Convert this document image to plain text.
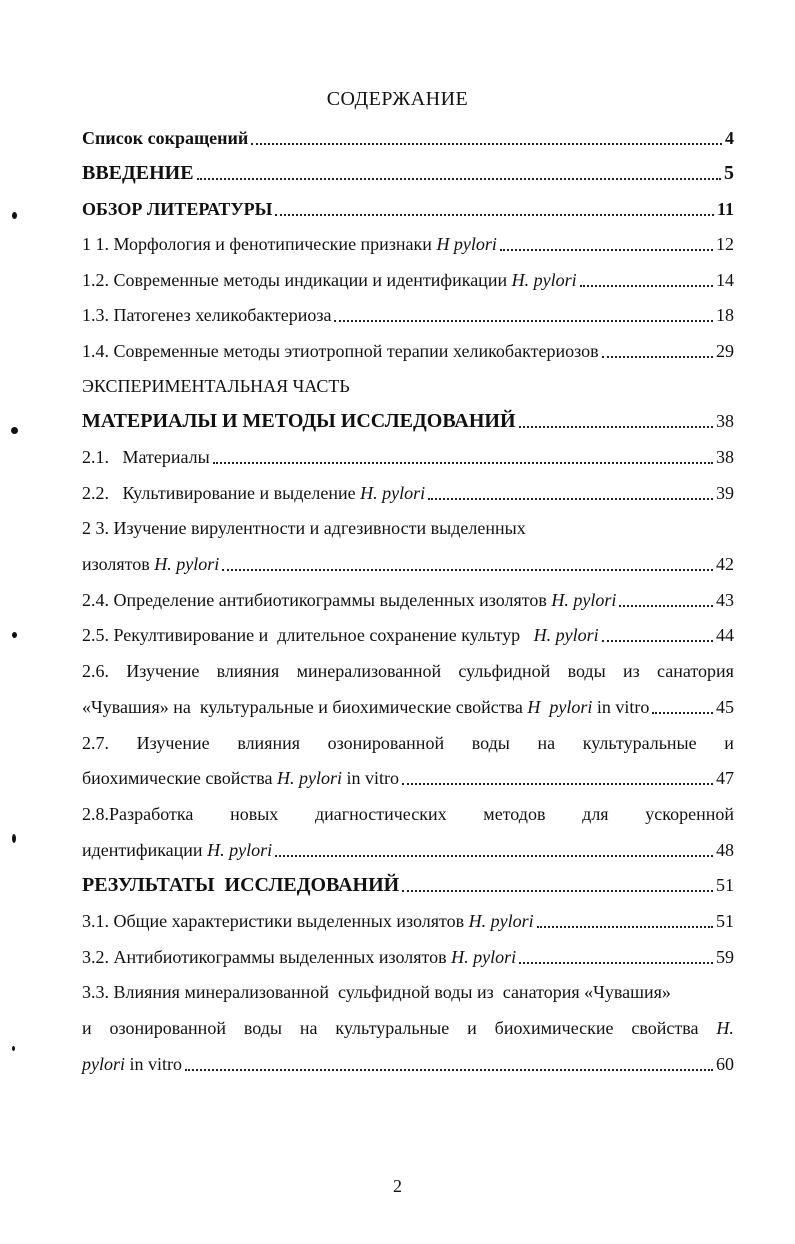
СОДЕРЖАНИЕ
Список сокращений	4
ВВЕДЕНИЕ	5
ОБЗОР ЛИТЕРАТУРЫ	11
1 1. Морфология и фенотипические признаки H pylori	12
1.2. Современные методы индикации и идентификации H. pylori	14
1.3. Патогенез хеликобактериоза	18
1.4. Современные методы этиотропной терапии хеликобактериозов	29
ЭКСПЕРИМЕНТАЛЬНАЯ ЧАСТЬ
МАТЕРИАЛЫ И МЕТОДЫ ИССЛЕДОВАНИЙ	38
2.1.   Материалы	38
2.2.   Культивирование и выделение H. pylori	39
2 3. Изучение вирулентности и адгезивности выделенных
изолятов H. pylori	42
2.4. Определение антибиотикограммы выделенных изолятов H. pylori	43
2.5. Рекултивирование и  длительное сохранение культур   H. pylori	44
2.6. Изучение влияния минерализованной сульфидной воды из санатория
«Чувашия» на  культуральные и биохимические свойства H  pylori in vitro	45
2.7. Изучение влияния озонированной воды на культуральные и
биохимические свойства H. pylori in vitro	47
2.8.Разработка новых диагностических методов для ускоренной
идентификации H. pylori	48
РЕЗУЛЬТАТЫ  ИССЛЕДОВАНИЙ	51
3.1. Общие характеристики выделенных изолятов H. pylori	51
3.2. Антибиотикограммы выделенных изолятов H. pylori	59
3.3. Влияния минерализованной  сульфидной воды из  санатория «Чувашия»
и озонированной воды на культуральные и биохимические свойства H.
pylori in vitro	60
2
